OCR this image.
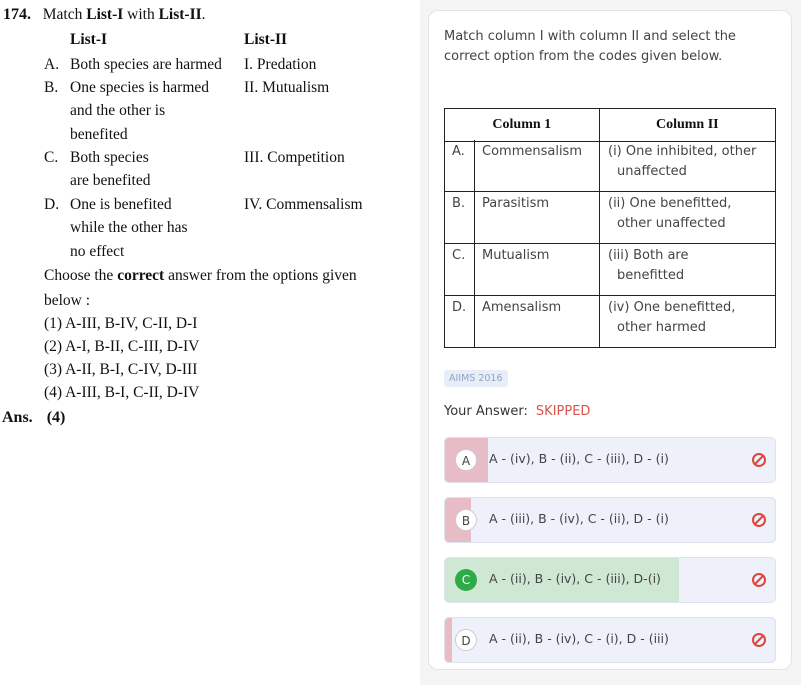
174. Match List-I with List-II.
List-I	List-II
A. Both species are harmed I. Predation
B. One species is harmed
and the other is
benefited
II. Mutualism
C. Both species
are benefited
III. Competition
D. One is benefited
while the other has
no effect
IV. Commensalism
Choose the correct answer from the options given
below :
(1) A-III, B-IV, C-II, D-I
(2) A-I, B-II, C-III, D-IV
(3) A-II, B-I, C-IV, D-III
(4) A-III, B-I, C-II, D-IV
Ans. (4)
Match column I with column II and select the correct option from the codes given below.
Column 1	Column II
A. Commensalism (i) One inhibited, other
unaffected
B. Parasitism	(ii) One benefitted,
other unaffected
C. Mutualism	(iii) Both are
benefitted
D. Amensalism	(iv) One benefitted,
other harmed
AIIMS 2016
Your Answer: SKIPPED
A	A - (iv), B - (ii), C - (iii), D - (i)
B	A - (iii), B - (iv), C - (ii), D - (i)
C	A - (ii), B - (iv), C - (iii), D-(i)
D	A - (ii), B - (iv), C - (i), D - (iii)
